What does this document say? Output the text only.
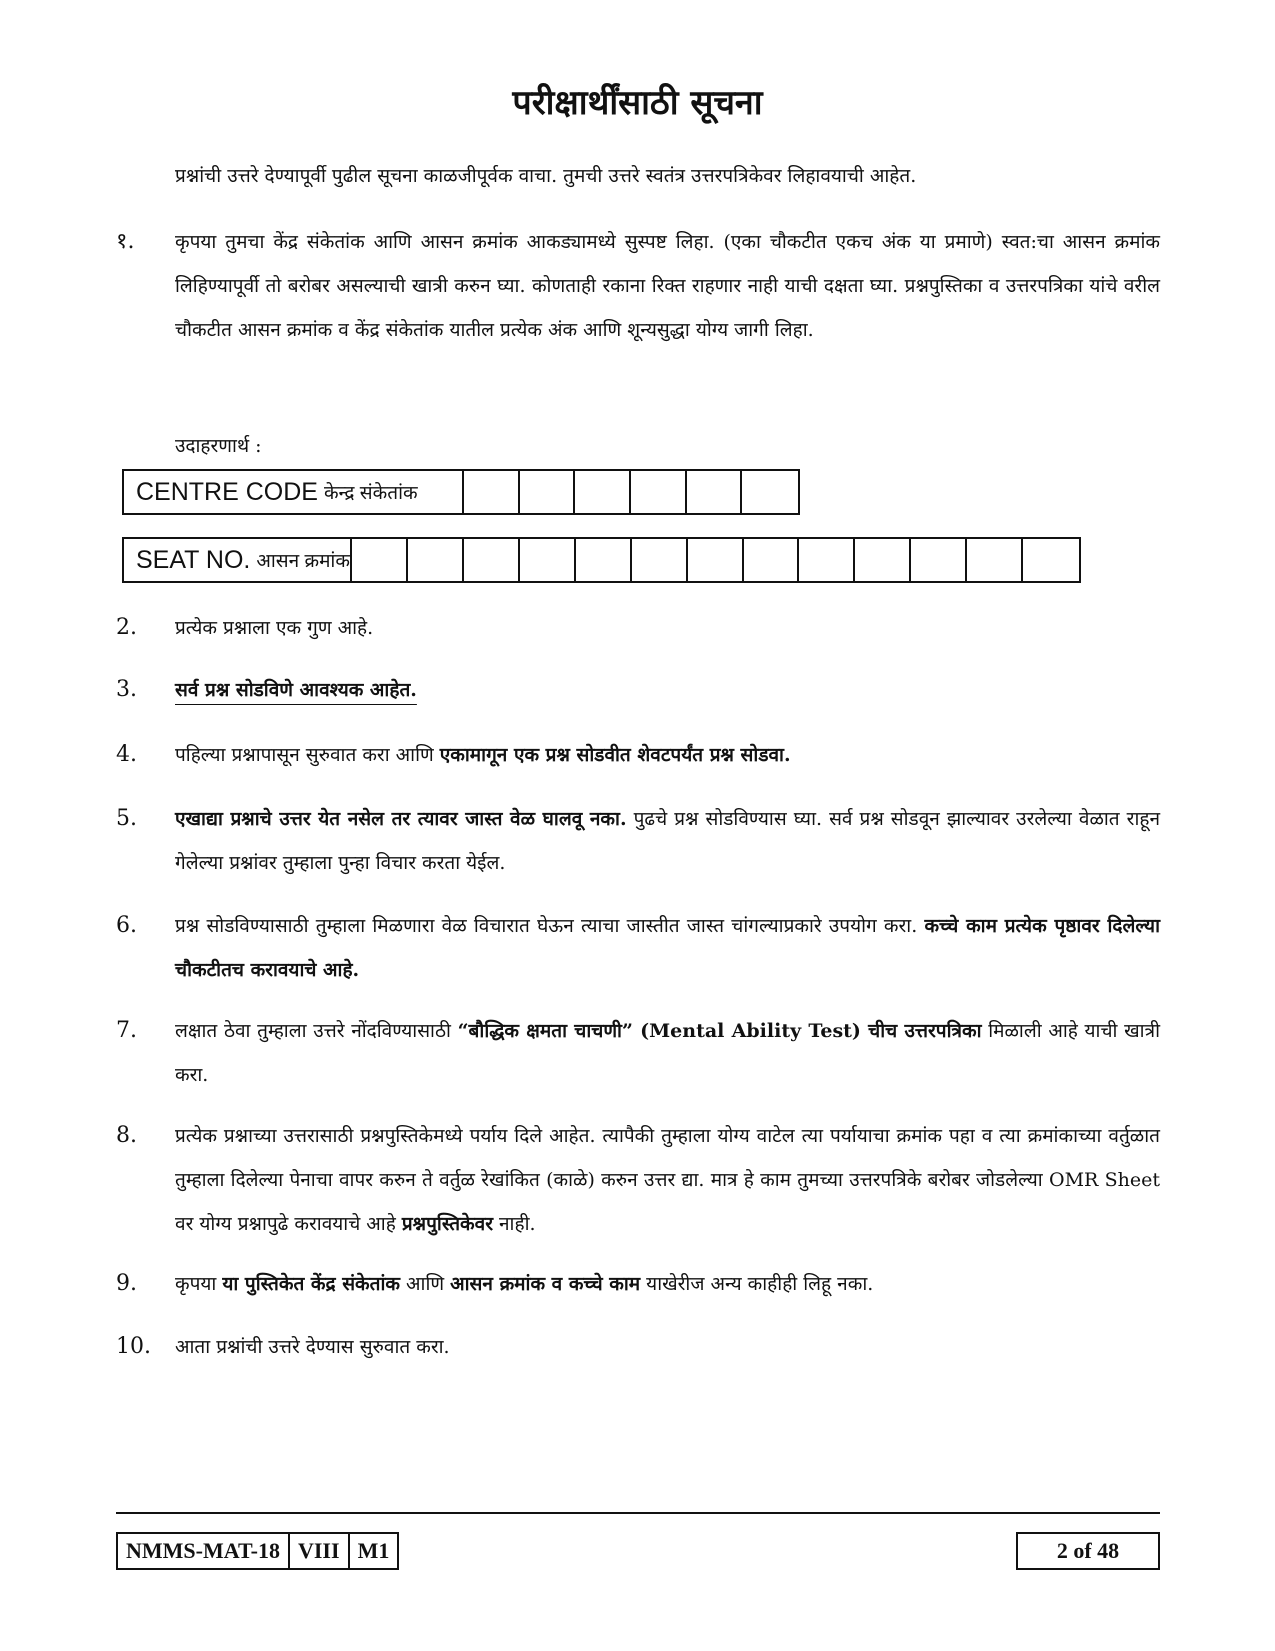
परीक्षार्थींसाठी सूचना
प्रश्नांची उत्तरे देण्यापूर्वी पुढील सूचना काळजीपूर्वक वाचा. तुमची उत्तरे स्वतंत्र उत्तरपत्रिकेवर लिहावयाची आहेत.
१.	कृपया तुमचा केंद्र संकेतांक आणि आसन क्रमांक आकड्यामध्ये सुस्पष्ट लिहा. (एका चौकटीत एकच अंक या प्रमाणे) स्वत:चा आसन क्रमांक लिहिण्यापूर्वी तो बरोबर असल्याची खात्री करुन घ्या. कोणताही रकाना रिक्त राहणार नाही याची दक्षता घ्या. प्रश्नपुस्तिका व उत्तरपत्रिका यांचे वरील चौकटीत आसन क्रमांक व केंद्र संकेतांक यातील प्रत्येक अंक आणि शून्यसुद्धा योग्य जागी लिहा.
उदाहरणार्थ :
CENTRE CODE केन्द्र संकेतांक
SEAT NO. आसन क्रमांक
2.	प्रत्येक प्रश्नाला एक गुण आहे.
3.	सर्व प्रश्न सोडविणे आवश्यक आहेत.
4.	पहिल्या प्रश्नापासून सुरुवात करा आणि एकामागून एक प्रश्न सोडवीत शेवटपर्यंत प्रश्न सोडवा.
5.	एखाद्या प्रश्नाचे उत्तर येत नसेल तर त्यावर जास्त वेळ घालवू नका. पुढचे प्रश्न सोडविण्यास घ्या. सर्व प्रश्न सोडवून झाल्यावर उरलेल्या वेळात राहून गेलेल्या प्रश्नांवर तुम्हाला पुन्हा विचार करता येईल.
6.	प्रश्न सोडविण्यासाठी तुम्हाला मिळणारा वेळ विचारात घेऊन त्याचा जास्तीत जास्त चांगल्याप्रकारे उपयोग करा. कच्चे काम प्रत्येक पृष्ठावर दिलेल्या चौकटीतच करावयाचे आहे.
7.	लक्षात ठेवा तुम्हाला उत्तरे नोंदविण्यासाठी “बौद्धिक क्षमता चाचणी” (Mental Ability Test) चीच उत्तरपत्रिका मिळाली आहे याची खात्री करा.
8.	प्रत्येक प्रश्नाच्या उत्तरासाठी प्रश्नपुस्तिकेमध्ये पर्याय दिले आहेत. त्यापैकी तुम्हाला योग्य वाटेल त्या पर्यायाचा क्रमांक पहा व त्या क्रमांकाच्या वर्तुळात तुम्हाला दिलेल्या पेनाचा वापर करुन ते वर्तुळ रेखांकित (काळे) करुन उत्तर द्या. मात्र हे काम तुमच्या उत्तरपत्रिके बरोबर जोडलेल्या OMR Sheet वर योग्य प्रश्नापुढे करावयाचे आहे प्रश्नपुस्तिकेवर नाही.
9.	कृपया या पुस्तिकेत केंद्र संकेतांक आणि आसन क्रमांक व कच्चे काम याखेरीज अन्य काहीही लिहू नका.
10.	आता प्रश्नांची उत्तरे देण्यास सुरुवात करा.
NMMS-MAT-18 VIII M1	2 of 48
